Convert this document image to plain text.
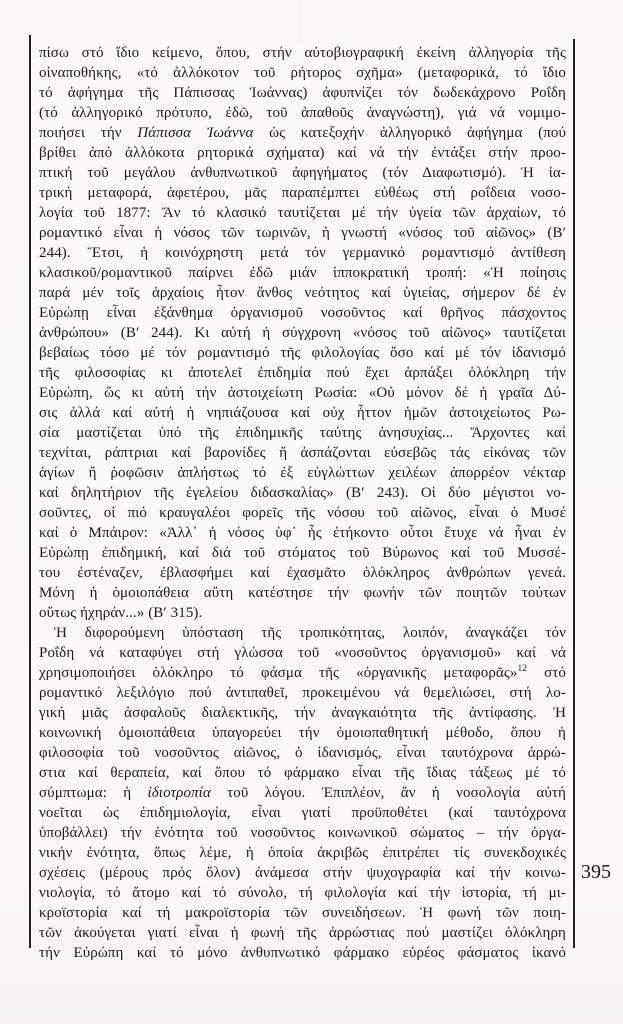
πίσω στό ἴδιο κείμενο, ὅπου, στήν αὐτοβιογραφική ἐκείνη ἀλληγορία τῆς
οἰναποθήκης, «τό ἀλλόκοτον τοῦ ρήτορος σχῆμα» (μεταφορικά, τό ἴδιο
τό ἀφήγημα τῆς Πάπισσας Ἰωάννας) ἀφυπνίζει τόν δωδεκάχρονο Ροΐδη
(τό ἀλληγορικό πρότυπο, ἐδῶ, τοῦ ἀπαθοῦς ἀναγνώστη), γιά νά νομιμο-
ποιήσει τήν Πάπισσα Ἰωάννα ὡς κατεξοχήν ἀλληγορικό ἀφήγημα (πού
βρίθει ἀπό ἀλλόκοτα ρητορικά σχήματα) καί νά τήν ἐντάξει στήν προο-
πτική τοῦ μεγάλου ἀνθυπνωτικοῦ ἀφηγήματος (τόν Διαφωτισμό). Ἡ ἰα-
τρική μεταφορά, ἀφετέρου, μᾶς παραπέμπτει εὐθέως στή ροΐδεια νοσο-
λογία τοῦ 1877: Ἄν τό κλασικό ταυτίζεται μέ τήν ὑγεία τῶν ἀρχαίων, τό
ρομαντικό εἶναι ἡ νόσος τῶν τωρινῶν, ἡ γνωστή «νόσος τοῦ αἰῶνος» (Β′
244). Ἔτσι, ἡ κοινόχρηστη μετά τόν γερμανικό ρομαντισμό ἀντίθεση
κλασικοῦ/ρομαντικοῦ παίρνει ἐδῶ μιάν ἱπποκρατική τροπή: «Ἡ ποίησις
παρά μέν τοῖς ἀρχαίοις ἦτον ἄνθος νεότητος καί ὑγιείας, σήμερον δέ ἐν
Εὐρώπῃ εἶναι ἐξάνθημα ὀργανισμοῦ νοσοῦντος καί θρῆνος πάσχοντος
ἀνθρώπου» (Β′ 244). Κι αὐτή ἡ σύγχρονη «νόσος τοῦ αἰῶνος» ταυτίζεται
βεβαίως τόσο μέ τόν ρομαντισμό τῆς φιλολογίας ὅσο καί μέ τόν ἰδανισμό
τῆς φιλοσοφίας κι ἀποτελεῖ ἐπιδημία πού ἔχει ἁρπάξει ὁλόκληρη τήν
Εὐρώπη, ὥς κι αὐτή τήν ἀστοιχείωτη Ρωσία: «Οὐ μόνον δέ ἡ γραῖα Δύ-
σις ἀλλά καί αὐτή ἡ νηπιάζουσα καί οὐχ ἧττον ἡμῶν ἀστοιχείωτος Ρω-
σία μαστίζεται ὑπό τῆς ἐπιδημικῆς ταύτης ἀνησυχίας... Ἄρχοντες καί
τεχνίται, ράπτριαι καί βαρονίδες ἤ ἀσπάζονται εὐσεβῶς τάς εἰκόνας τῶν
ἁγίων ἤ ῥοφῶσιν ἀπλήστως τό ἐξ εὐγλώττων χειλέων ἀπορρέον νέκταρ
καί δηλητήριον τῆς ἐγελείου διδασκαλίας» (Β′ 243). Οἱ δύο μέγιστοι νο-
σοῦντες, οἱ πιό κραυγαλέοι φορεῖς τῆς νόσου τοῦ αἰῶνος, εἶναι ὁ Μυσέ
καί ὁ Μπάιρον: «Ἀλλ᾽ ἡ νόσος ὑφ᾽ ἧς ἐτήκοντο οὗτοι ἔτυχε νά ἦναι ἐν
Εὐρώπῃ ἐπιδημική, καί διά τοῦ στόματος τοῦ Βύρωνος καί τοῦ Μυσσέ-
του ἐστέναζεν, ἐβλασφήμει καί ἐχασμᾶτο ὁλόκληρος ἀνθρώπων γενεά.
Μόνη ἡ ὁμοιοπάθεια αὕτη κατέστησε τήν φωνήν τῶν ποιητῶν τούτων
οὕτως ἠχηράν...» (Β′ 315).
Ἡ διφορούμενη ὑπόσταση τῆς τροπικότητας, λοιπόν, ἀναγκάζει τόν
Ροΐδη νά καταφύγει στή γλώσσα τοῦ «νοσοῦντος ὀργανισμοῦ» καί νά
χρησιμοποιήσει ὁλόκληρο τό φάσμα τῆς «ὀργανικῆς μεταφορᾶς»$^{12}$ στό
ρομαντικό λεξιλόγιο πού ἀντιπαθεῖ, προκειμένου νά θεμελιώσει, στή λο-
γική μιᾶς ἀσφαλοῦς διαλεκτικῆς, τήν ἀναγκαιότητα τῆς ἀντίφασης. Ἡ
κοινωνική ὁμοιοπάθεια ὑπαγορεύει τήν ὁμοιοπαθητική μέθοδο, ὅπου ἡ
φιλοσοφία τοῦ νοσοῦντος αἰῶνος, ὁ ἰδανισμός, εἶναι ταυτόχρονα ἀρρώ-
στια καί θεραπεία, καί ὅπου τό φάρμακο εἶναι τῆς ἴδιας τάξεως μέ τό
σύμπτωμα: ἡ ἰδιοτροπία τοῦ λόγου. Ἐπιπλέον, ἄν ἡ νοσολογία αὐτή
νοεῖται ὡς ἐπιδημιολογία, εἶναι γιατί προϋποθέτει (καί ταυτόχρονα
ὑποβάλλει) τήν ἑνότητα τοῦ νοσοῦντος κοινωνικοῦ σώματος – τήν ὀργα-
νικήν ἑνότητα, ὅπως λέμε, ἡ ὁποία ἀκριβῶς ἐπιτρέπει τίς συνεκδοχικές
σχέσεις (μέρους πρός ὅλον) ἀνάμεσα στήν ψυχογραφία καί τήν κοινω-
νιολογία, τό ἄτομο καί τό σύνολο, τή φιλολογία καί τήν ἱστορία, τή μι-
κροϊστορία καί τή μακροϊστορία τῶν συνειδήσεων. Ἡ φωνή τῶν ποιη-
τῶν ἀκούγεται γιατί εἶναι ἡ φωνή τῆς ἀρρώστιας πού μαστίζει ὁλόκληρη
τήν Εὐρώπη καί τό μόνο ἀνθυπνωτικό φάρμακο εὐρέος φάσματος ἱκανό
395
